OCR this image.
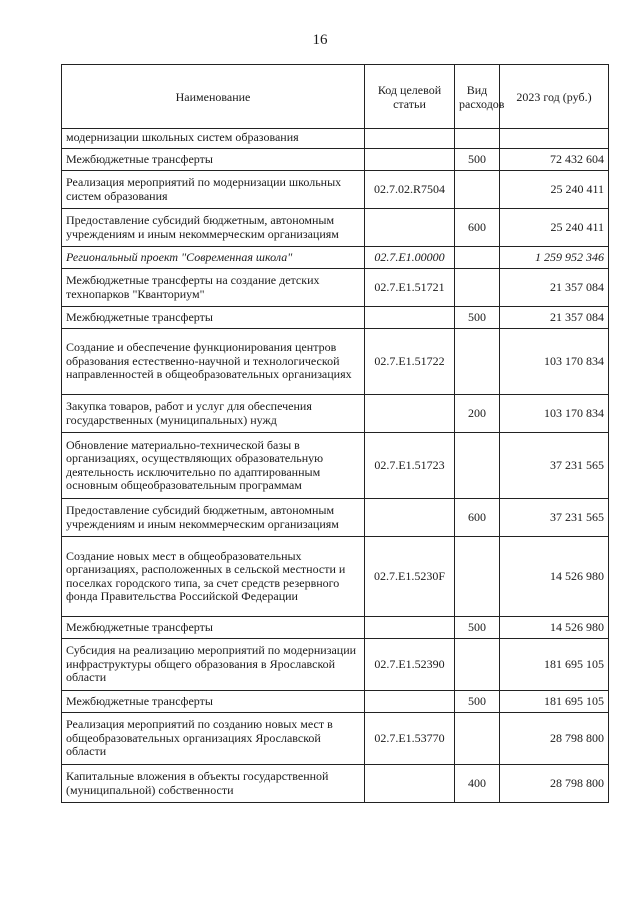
16
Наименование	Код целевой статьи	Вид расходов	2023 год (руб.)
модернизации школьных систем образования			
Межбюджетные трансферты		500	72 432 604
Реализация мероприятий по модернизации школьных систем образования	02.7.02.R7504		25 240 411
Предоставление субсидий бюджетным, автономным учреждениям и иным некоммерческим организациям		600	25 240 411
Региональный проект "Современная школа"	02.7.E1.00000		1 259 952 346
Межбюджетные трансферты на создание детских технопарков "Кванториум"	02.7.E1.51721		21 357 084
Межбюджетные трансферты		500	21 357 084
Создание и обеспечение функционирования центров образования естественно-научной и технологической направленностей в общеобразовательных организациях	02.7.E1.51722		103 170 834
Закупка товаров, работ и услуг для обеспечения государственных (муниципальных) нужд		200	103 170 834
Обновление материально-технической базы в организациях, осуществляющих образовательную деятельность исключительно по адаптированным основным общеобразовательным программам	02.7.E1.51723		37 231 565
Предоставление субсидий бюджетным, автономным учреждениям и иным некоммерческим организациям		600	37 231 565
Создание новых мест в общеобразовательных организациях, расположенных в сельской местности и поселках городского типа, за счет средств резервного фонда Правительства Российской Федерации	02.7.E1.5230F		14 526 980
Межбюджетные трансферты		500	14 526 980
Субсидия на реализацию мероприятий по модернизации инфраструктуры общего образования в Ярославской области	02.7.E1.52390		181 695 105
Межбюджетные трансферты		500	181 695 105
Реализация мероприятий по созданию новых мест в общеобразовательных организациях Ярославской области	02.7.E1.53770		28 798 800
Капитальные вложения в объекты государственной (муниципальной) собственности		400	28 798 800
